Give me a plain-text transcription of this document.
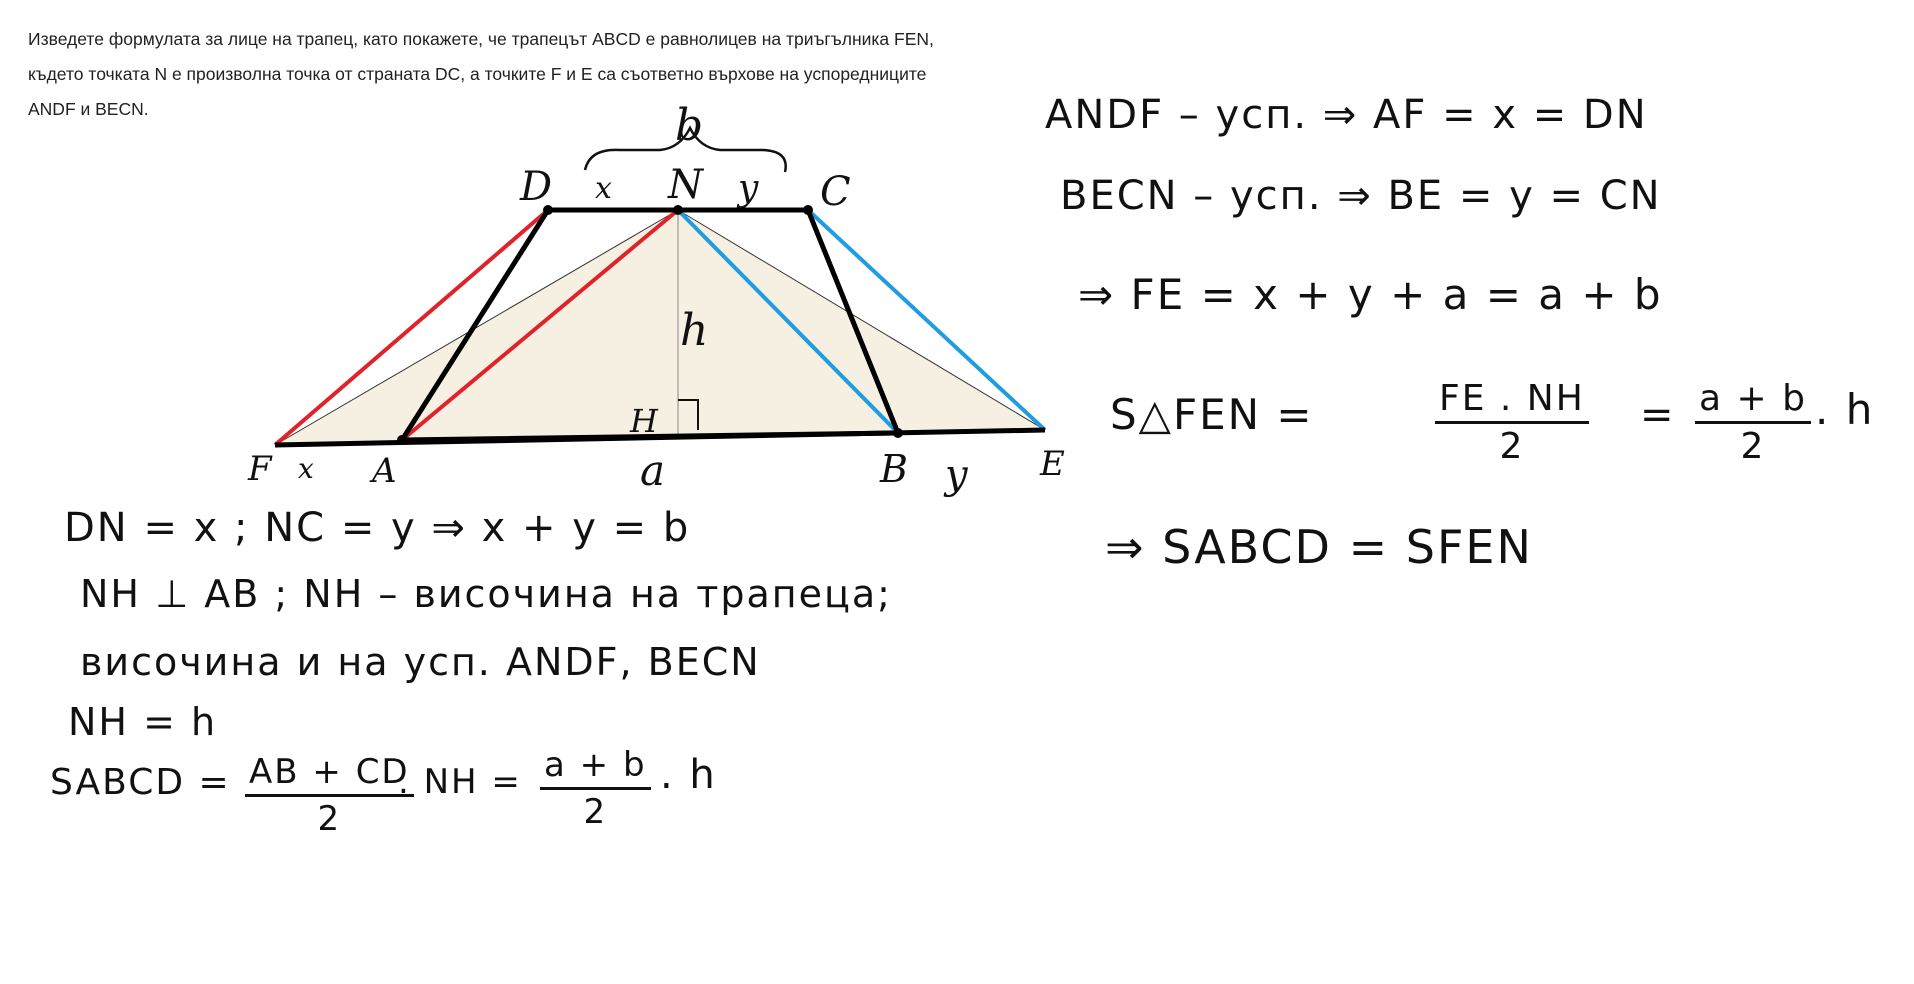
Изведете формулата за лице на трапец, като покажете, че трапецът ABCD е равнолицев на триъгълника FEN,
където точката N е произволна точка от страната DC, а точките F и E са съответно върхове на успоредниците
ANDF и BECN.	b
D x N y C
h
H
F x A	a	B y E
DN = x ; NC = y ⇒ x + y = b
NH ⊥ AB ; NH – височина на трапеца;
височина и на усп. ANDF, BECN
NH = h
SABCD = $\frac{AB + CD}{2}$
. NH = $\frac{a + b}{2}$ . h
ANDF – усп. ⇒ AF = x = DN
BECN – усп. ⇒ BE = y = CN
⇒ FE = x + y + a = a + b
S△FEN =	$\frac{FE . NH}{2} = \frac{a + b}{2}$ . h
⇒ SABCD = SFEN
